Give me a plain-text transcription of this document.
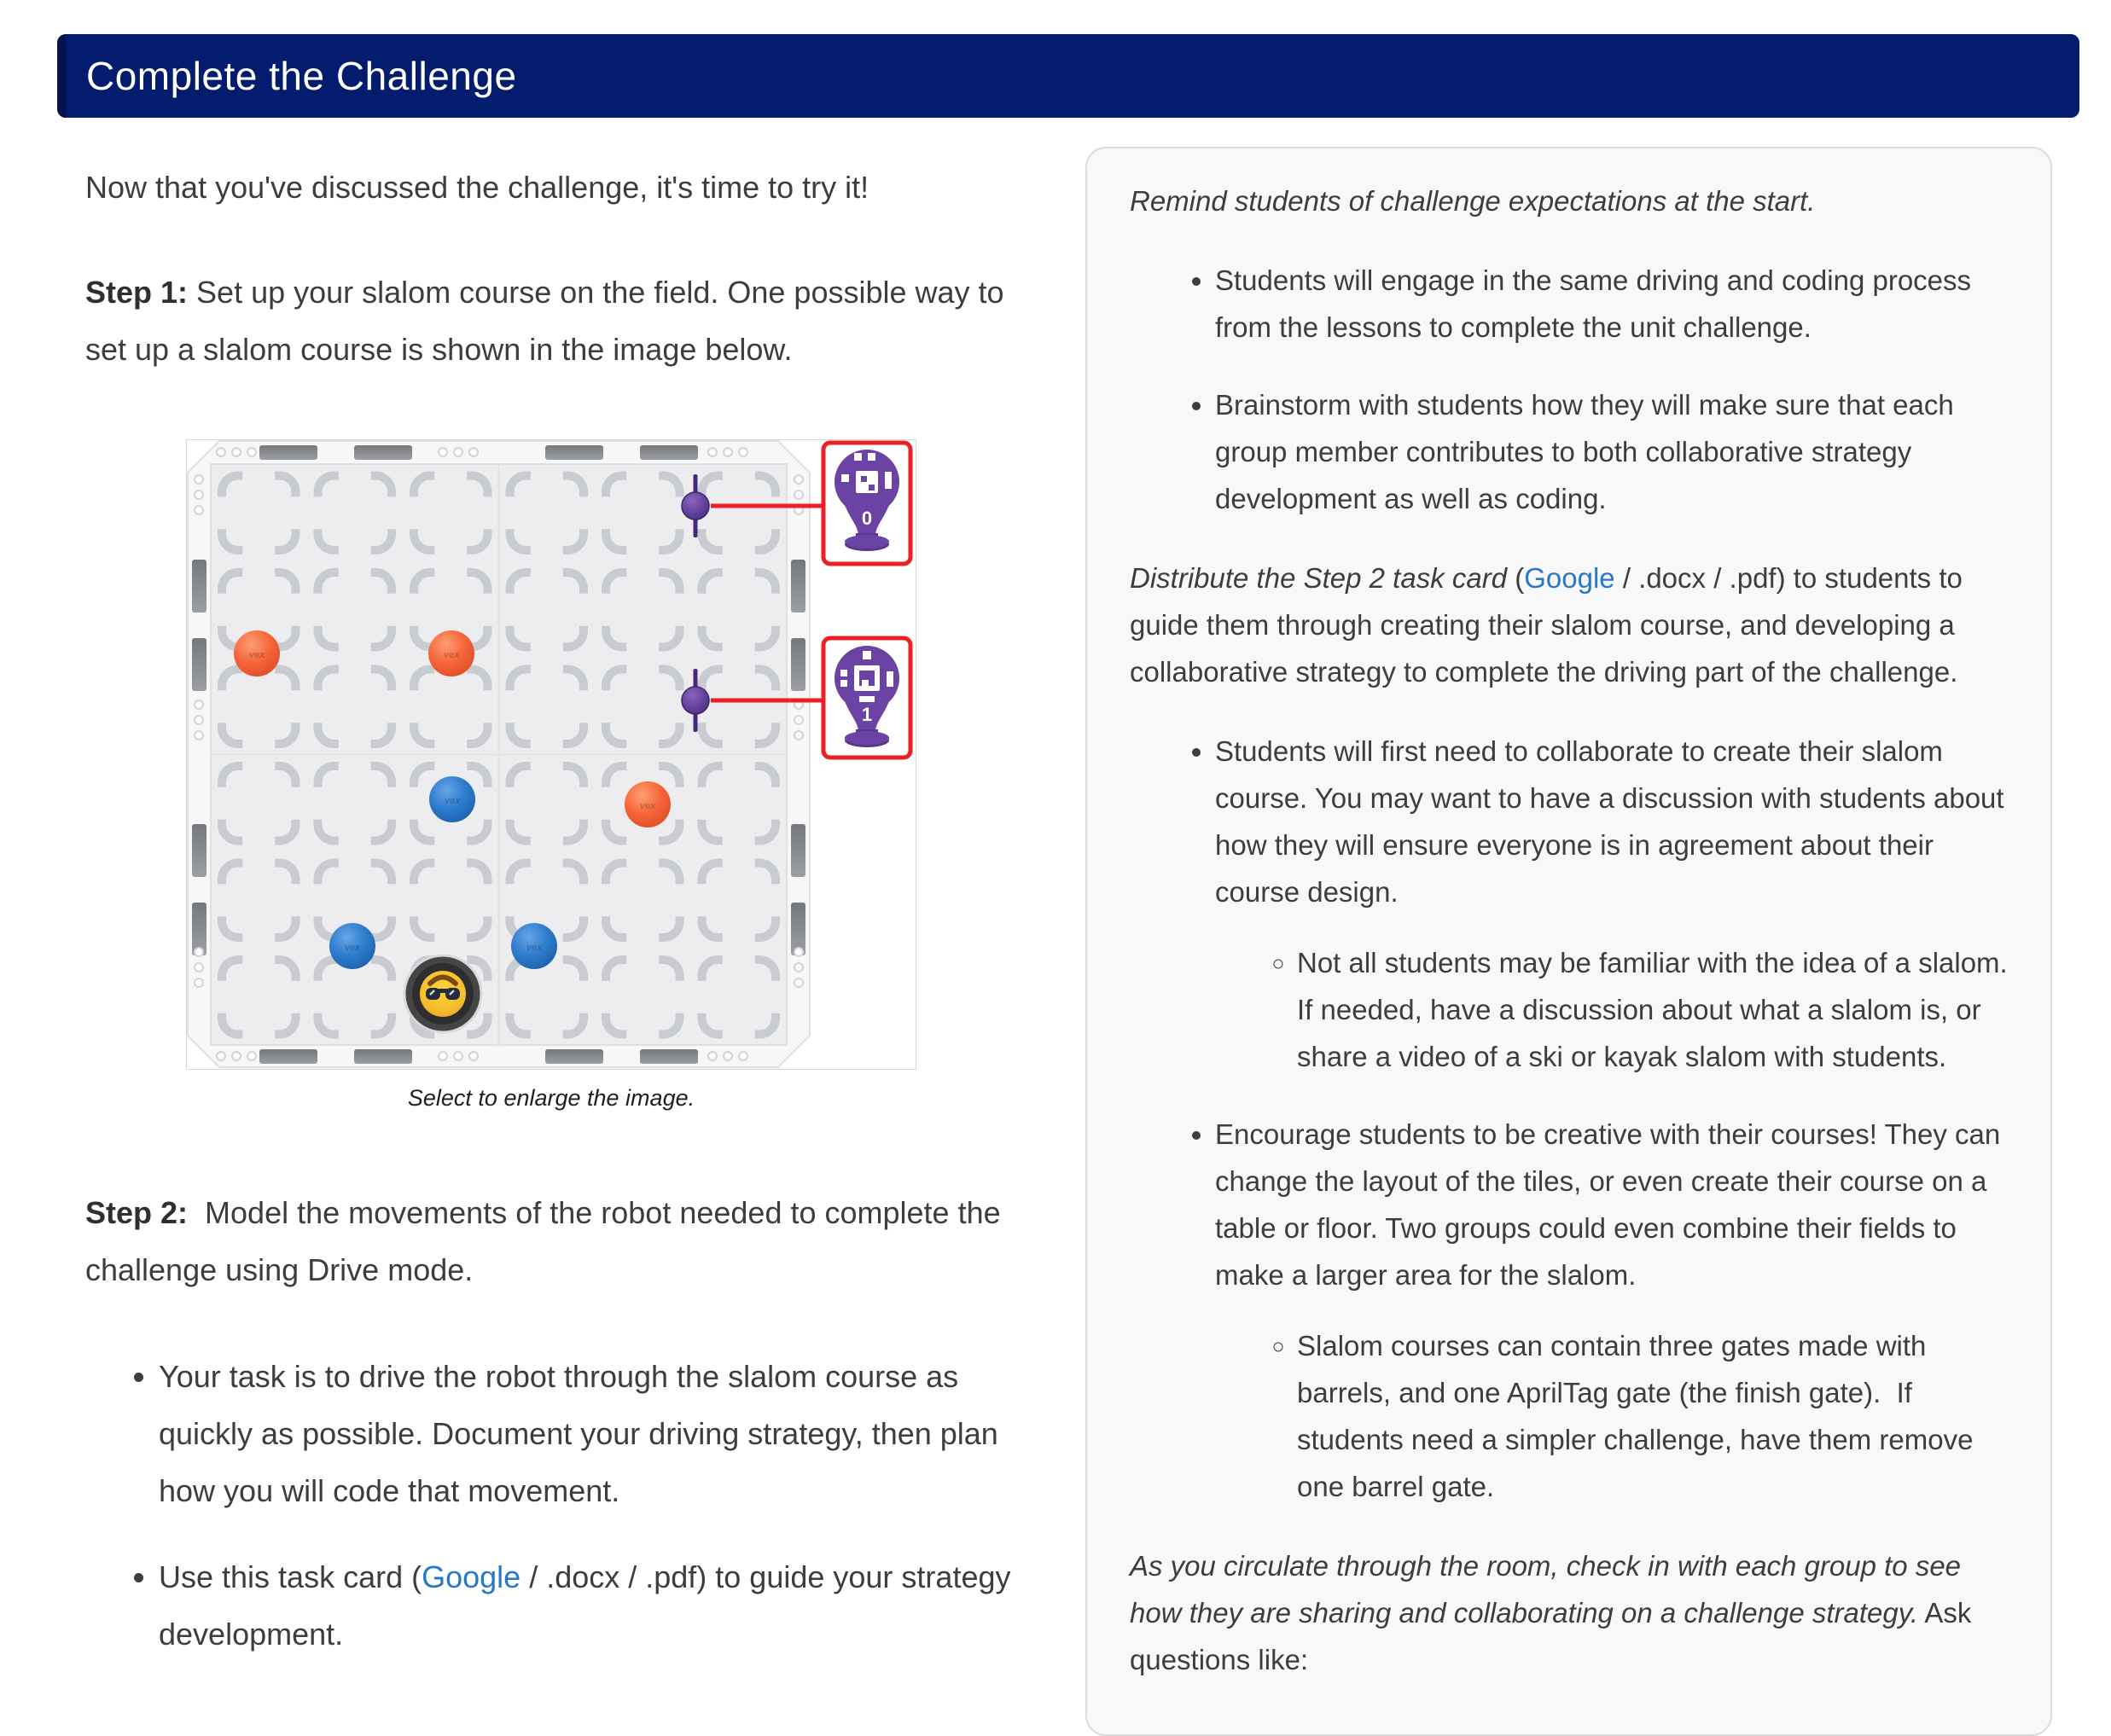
Complete the Challenge

Now that you've discussed the challenge, it's time to try it!

Step 1: Set up your slalom course on the field. One possible way to set up a slalom course is shown in the image below.

vex	vex
vex
vex
vex	vex
0
1
Select to enlarge the image.

Step 2:  Model the movements of the robot needed to complete the challenge using Drive mode.

• Your task is to drive the robot through the slalom course as quickly as possible. Document your driving strategy, then plan how you will code that movement.
• Use this task card (Google / .docx / .pdf) to guide your strategy development.

Remind students of challenge expectations at the start.

• Students will engage in the same driving and coding process from the lessons to complete the unit challenge.
• Brainstorm with students how they will make sure that each group member contributes to both collaborative strategy development as well as coding.

Distribute the Step 2 task card (Google / .docx / .pdf) to students to guide them through creating their slalom course, and developing a collaborative strategy to complete the driving part of the challenge.

• Students will first need to collaborate to create their slalom course. You may want to have a discussion with students about how they will ensure everyone is in agreement about their course design.
◦ Not all students may be familiar with the idea of a slalom. If needed, have a discussion about what a slalom is, or share a video of a ski or kayak slalom with students.
• Encourage students to be creative with their courses! They can change the layout of the tiles, or even create their course on a table or floor. Two groups could even combine their fields to make a larger area for the slalom.
◦ Slalom courses can contain three gates made with barrels, and one AprilTag gate (the finish gate).  If students need a simpler challenge, have them remove one barrel gate.

As you circulate through the room, check in with each group to see how they are sharing and collaborating on a challenge strategy. Ask questions like:
